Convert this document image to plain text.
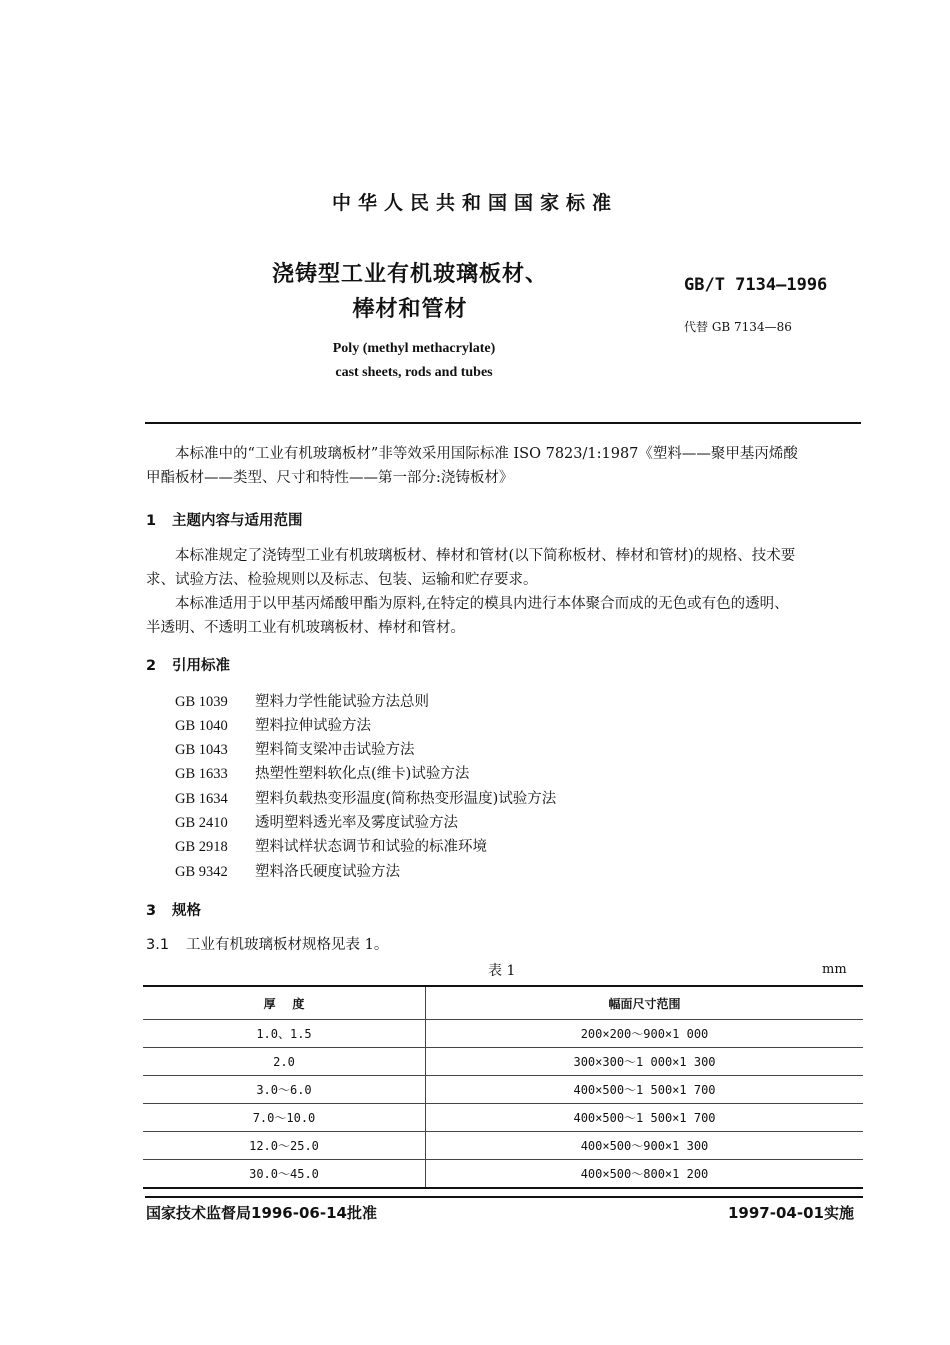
中华人民共和国国家标准
浇铸型工业有机玻璃板材、
棒材和管材
GB/T 7134—1996
代替 GB 7134—86
Poly (methyl methacrylate)
cast sheets, rods and tubes
本标准中的“工业有机玻璃板材”非等效采用国际标准 ISO 7823/1:1987《塑料——聚甲基丙烯酸
甲酯板材——类型、尺寸和特性——第一部分:浇铸板材》
1 主题内容与适用范围
本标准规定了浇铸型工业有机玻璃板材、棒材和管材(以下简称板材、棒材和管材)的规格、技术要
求、试验方法、检验规则以及标志、包装、运输和贮存要求。
本标准适用于以甲基丙烯酸甲酯为原料,在特定的模具内进行本体聚合而成的无色或有色的透明、
半透明、不透明工业有机玻璃板材、棒材和管材。
2 引用标准
GB 1039 塑料力学性能试验方法总则
GB 1040 塑料拉伸试验方法
GB 1043 塑料简支梁冲击试验方法
GB 1633 热塑性塑料软化点(维卡)试验方法
GB 1634 塑料负载热变形温度(简称热变形温度)试验方法
GB 2410 透明塑料透光率及雾度试验方法
GB 2918 塑料试样状态调节和试验的标准环境
GB 9342 塑料洛氏硬度试验方法
3 规格
3.1 工业有机玻璃板材规格见表 1。
表 1	mm
厚    度	幅面尺寸范围
1.0、1.5	200×200～900×1 000
2.0	300×300～1 000×1 300
3.0～6.0	400×500～1 500×1 700
7.0～10.0	400×500～1 500×1 700
12.0～25.0	400×500～900×1 300
30.0～45.0	400×500～800×1 200
国家技术监督局1996-06-14批准	1997-04-01实施
